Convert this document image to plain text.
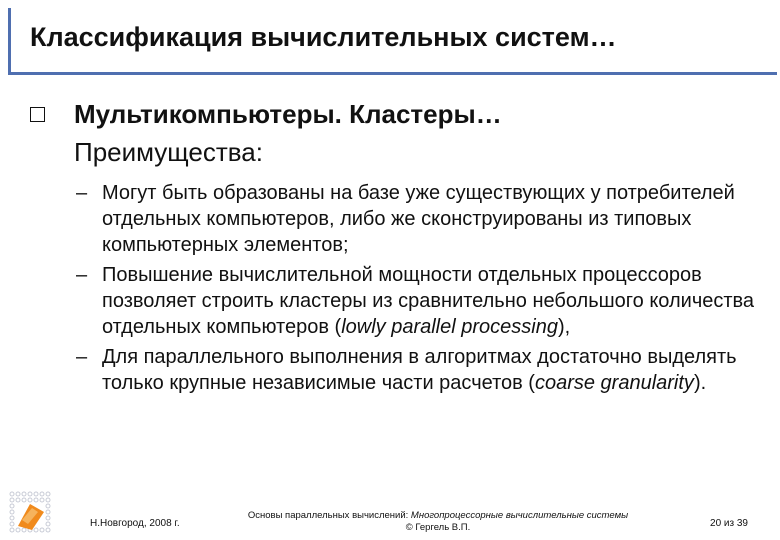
Классификация вычислительных систем…
Мультикомпьютеры. Кластеры…
Преимущества:
– Могут быть образованы на базе уже существующих у потребителей отдельных компьютеров, либо же сконструированы из типовых компьютерных элементов;
– Повышение вычислительной мощности отдельных процессоров позволяет строить кластеры из сравнительно небольшого количества отдельных компьютеров (lowly parallel processing),
– Для параллельного выполнения в алгоритмах достаточно выделять только крупные независимые части расчетов (coarse granularity).
Н.Новгород, 2008 г.
Основы параллельных вычислений: Многопроцессорные вычислительные системы
© Гергель В.П.	20 из 39
